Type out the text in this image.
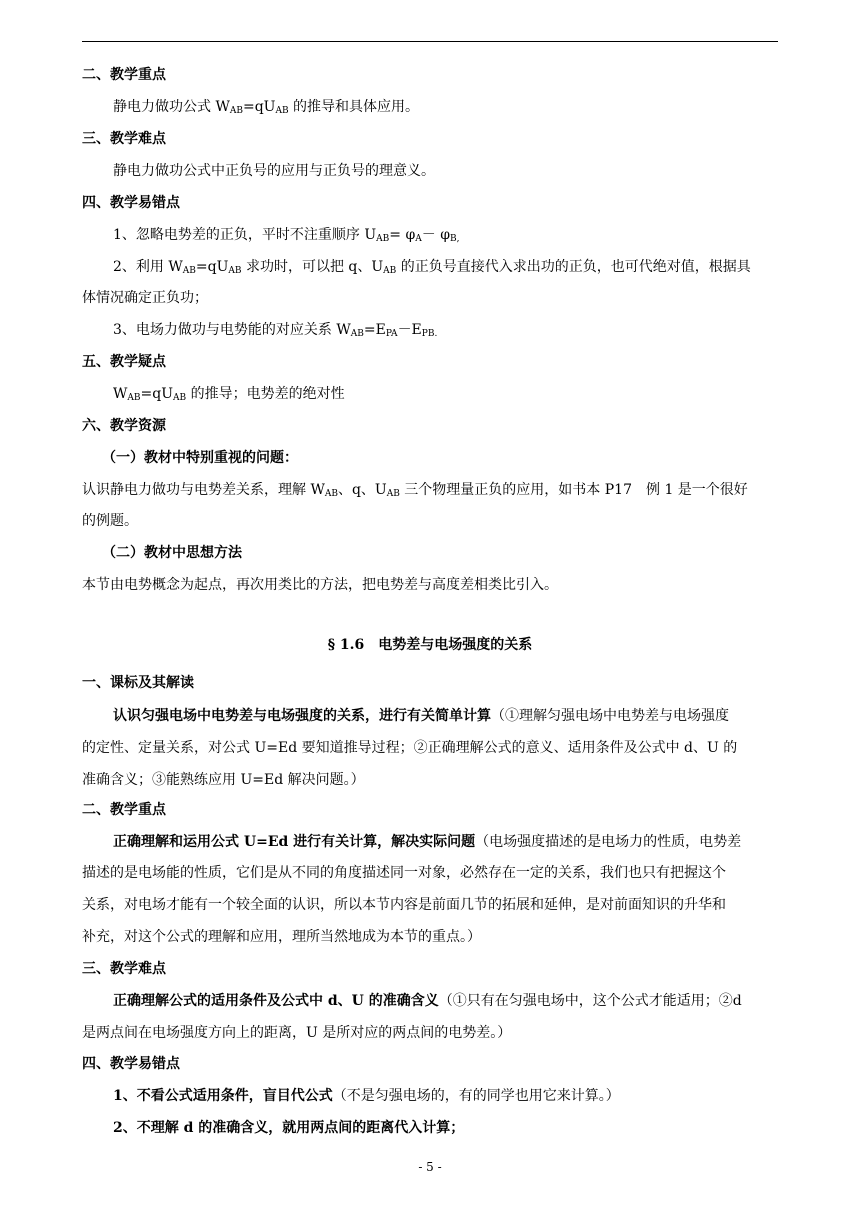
二、教学重点
静电力做功公式 $W_{AB}=qU_{AB}$ 的推导和具体应用。
三、教学难点
静电力做功公式中正负号的应用与正负号的理意义。
四、教学易错点
1、忽略电势差的正负，平时不注重顺序 $U_{AB}= \varphi_A- \varphi_{B,}$
2、利用 $W_{AB}=qU_{AB}$ 求功时，可以把 q、$U_{AB}$ 的正负号直接代入求出功的正负，也可代绝对值，根据具
体情况确定正负功；
3、电场力做功与电势能的对应关系 $W_{AB}=E_{PA}-E_{PB.}$
五、教学疑点
$W_{AB}=qU_{AB}$ 的推导；电势差的绝对性
六、教学资源
（一）教材中特别重视的问题：
认识静电力做功与电势差关系，理解 $W_{AB}$、q、$U_{AB}$ 三个物理量正负的应用，如书本 P17　例 1 是一个很好
的例题。
（二）教材中思想方法
本节由电势概念为起点，再次用类比的方法，把电势差与高度差相类比引入。
§ 1.6　电势差与电场强度的关系
一、课标及其解读
认识匀强电场中电势差与电场强度的关系，进行有关简单计算（①理解匀强电场中电势差与电场强度
的定性、定量关系，对公式 U=Ed 要知道推导过程；②正确理解公式的意义、适用条件及公式中 d、U 的
准确含义；③能熟练应用 U=Ed 解决问题。）
二、教学重点
正确理解和运用公式 U=Ed 进行有关计算，解决实际问题（电场强度描述的是电场力的性质，电势差
描述的是电场能的性质，它们是从不同的角度描述同一对象，必然存在一定的关系，我们也只有把握这个
关系，对电场才能有一个较全面的认识，所以本节内容是前面几节的拓展和延伸，是对前面知识的升华和
补充，对这个公式的理解和应用，理所当然地成为本节的重点。）
三、教学难点
正确理解公式的适用条件及公式中 d、U 的准确含义（①只有在匀强电场中，这个公式才能适用；②d
是两点间在电场强度方向上的距离，U 是所对应的两点间的电势差。）
四、教学易错点
1、不看公式适用条件，盲目代公式（不是匀强电场的，有的同学也用它来计算。）
2、不理解 d 的准确含义，就用两点间的距离代入计算；
- 5 -
